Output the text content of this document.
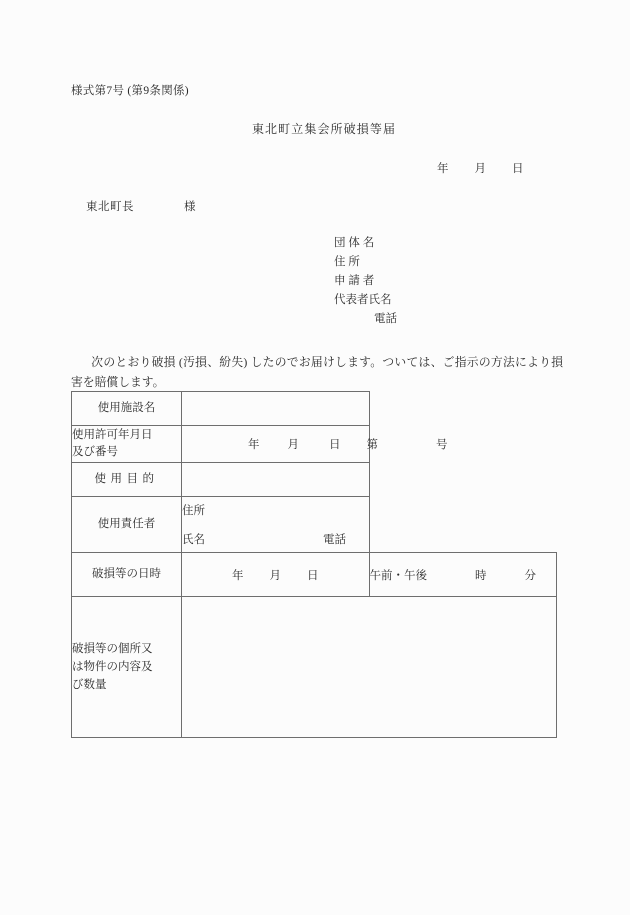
様式第7号 (第9条関係)
東北町立集会所破損等届
年 月 日
東北町長	様
団 体 名
住 所
申 請 者
代表者氏名
電話
次のとおり破損 (汚損、紛失) したのでお届けします。ついては、ご指示の方法により損害を賠償します。
使用施設名		

使用許可年月日
及び番号	年 月 日 第 号	

使用目的		
使用責任者	住所
氏名 電話	

破損等の日時	年 月 日	午前・午後 時 分

破損等の個所又
は物件の内容及
び数量		
